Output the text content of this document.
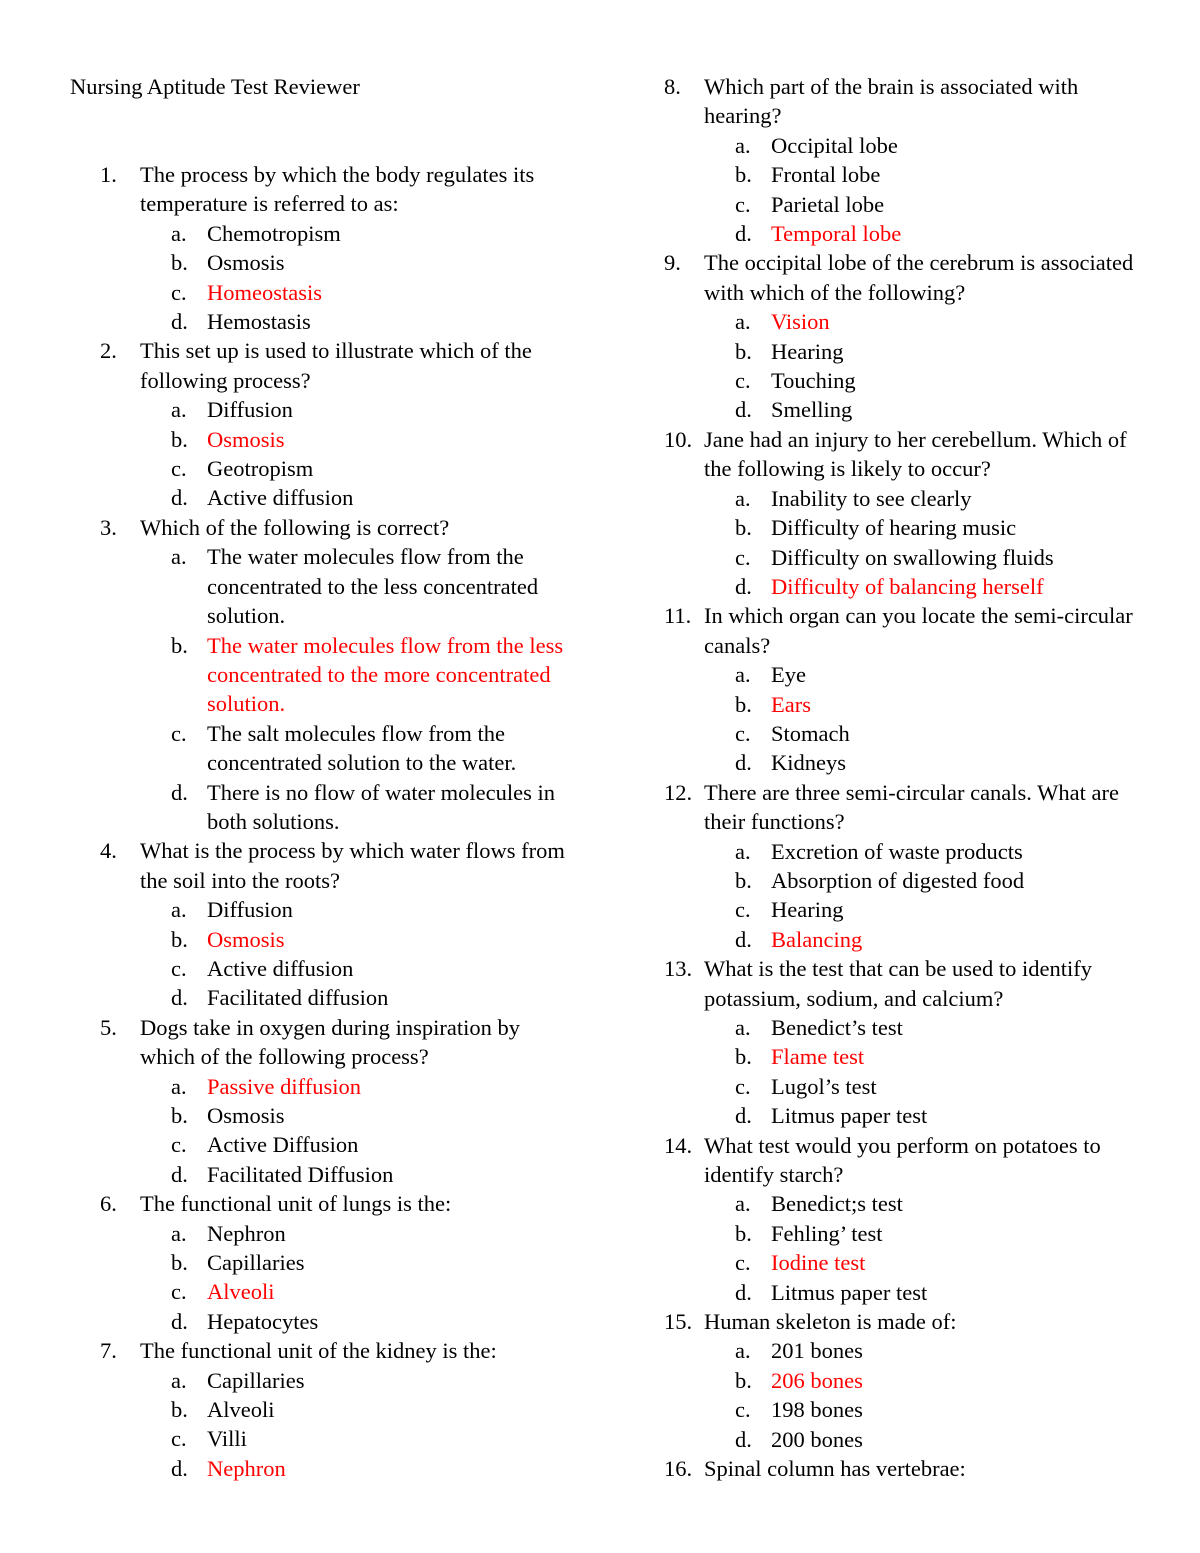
Nursing Aptitude Test Reviewer
1.	The process by which the body regulates its temperature is referred to as:
a. Chemotropism
b. Osmosis
c. Homeostasis
d. Hemostasis
2.	This set up is used to illustrate which of the following process?
a. Diffusion
b. Osmosis
c. Geotropism
d. Active diffusion
3.	Which of the following is correct?
a. The water molecules flow from the concentrated to the less concentrated solution.
b. The water molecules flow from the less concentrated to the more concentrated solution.
c. The salt molecules flow from the concentrated solution to the water.
d. There is no flow of water molecules in both solutions.
4.	What is the process by which water flows from the soil into the roots?
a. Diffusion
b. Osmosis
c. Active diffusion
d. Facilitated diffusion
5.	Dogs take in oxygen during inspiration by which of the following process?
a. Passive diffusion
b. Osmosis
c. Active Diffusion
d. Facilitated Diffusion
6.	The functional unit of lungs is the:
a. Nephron
b. Capillaries
c. Alveoli
d. Hepatocytes
7.	The functional unit of the kidney is the:
a. Capillaries
b. Alveoli
c. Villi
d. Nephron
8.	Which part of the brain is associated with hearing?
a. Occipital lobe
b. Frontal lobe
c. Parietal lobe
d. Temporal lobe
9.	The occipital lobe of the cerebrum is associated with which of the following?
a. Vision
b. Hearing
c. Touching
d. Smelling
10. Jane had an injury to her cerebellum. Which of the following is likely to occur?
a. Inability to see clearly
b. Difficulty of hearing music
c. Difficulty on swallowing fluids
d. Difficulty of balancing herself
11. In which organ can you locate the semi-circular canals?
a. Eye
b. Ears
c. Stomach
d. Kidneys
12. There are three semi-circular canals. What are their functions?
a. Excretion of waste products
b. Absorption of digested food
c. Hearing
d. Balancing
13. What is the test that can be used to identify potassium, sodium, and calcium?
a. Benedict’s test
b. Flame test
c. Lugol’s test
d. Litmus paper test
14. What test would you perform on potatoes to identify starch?
a. Benedict;s test
b. Fehling’ test
c. Iodine test
d. Litmus paper test
15. Human skeleton is made of:
a. 201 bones
b. 206 bones
c. 198 bones
d. 200 bones
16. Spinal column has vertebrae:
